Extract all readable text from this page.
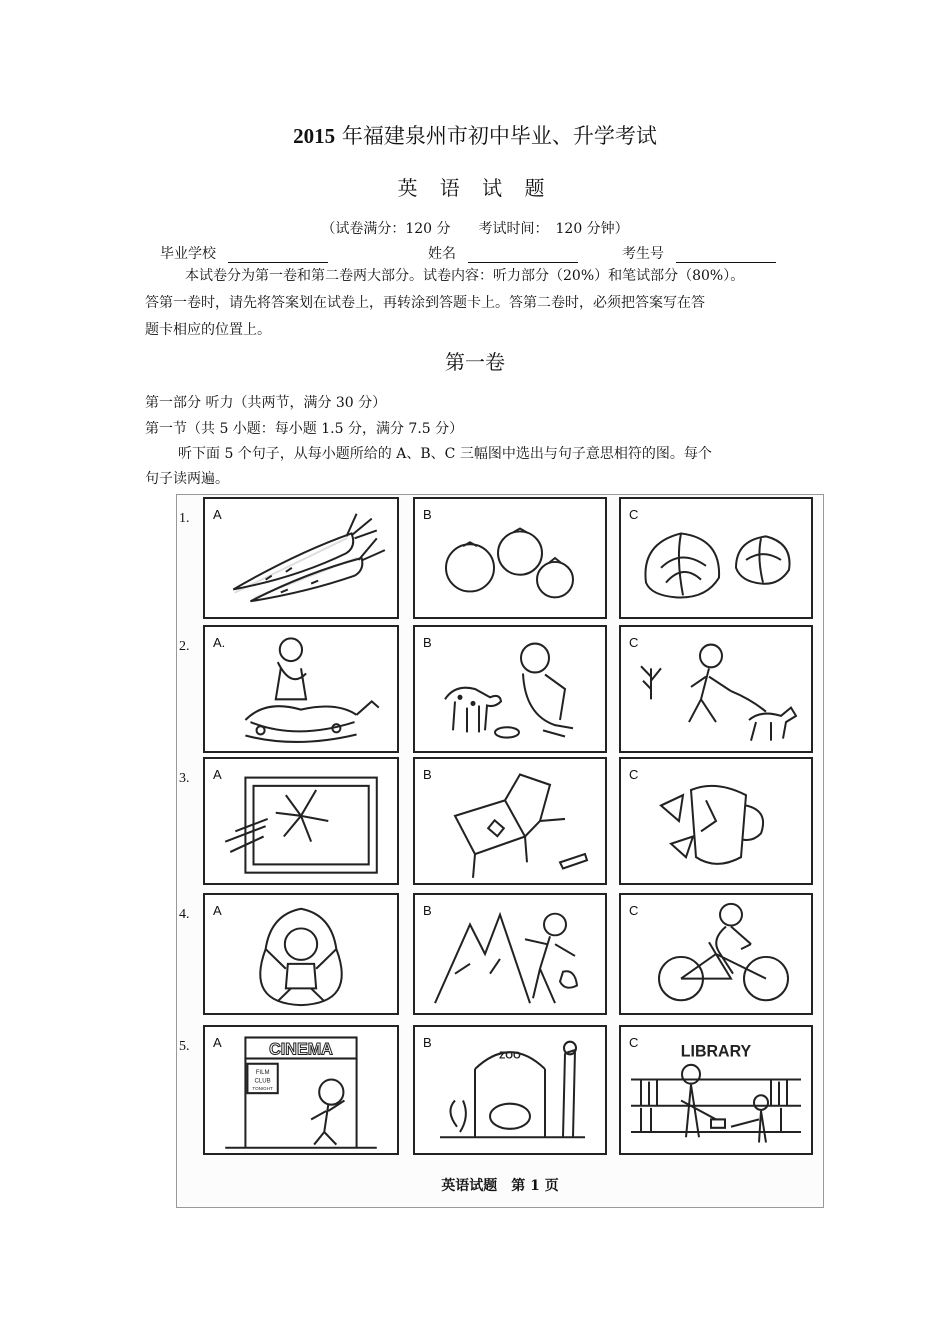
2015 年福建泉州市初中毕业、升学考试
英 语 试 题
（试卷满分：120 分　　考试时间：　120 分钟）
毕业学校	姓名	考生号
本试卷分为第一卷和第二卷两大部分。试卷内容：听力部分（20%）和笔试部分（80%）。
答第一卷时，请先将答案划在试卷上，再转涂到答题卡上。答第二卷时，必须把答案写在答
题卡相应的位置上。
第一卷
第一部分 听力（共两节，满分 30 分）
第一节（共 5 小题：每小题 1.5 分，满分 7.5 分）
听下面 5 个句子，从每小题所给的 A、B、C 三幅图中选出与句子意思相符的图。每个
句子读两遍。
1. A	B	C
2. A.	B	C
3. A	B	C
4. A	B	C
5.	CINEMA
FILM
CLUB
TONIGHT
A
ZOO
B	LIBRARY
C
英语试题　第 1 页
